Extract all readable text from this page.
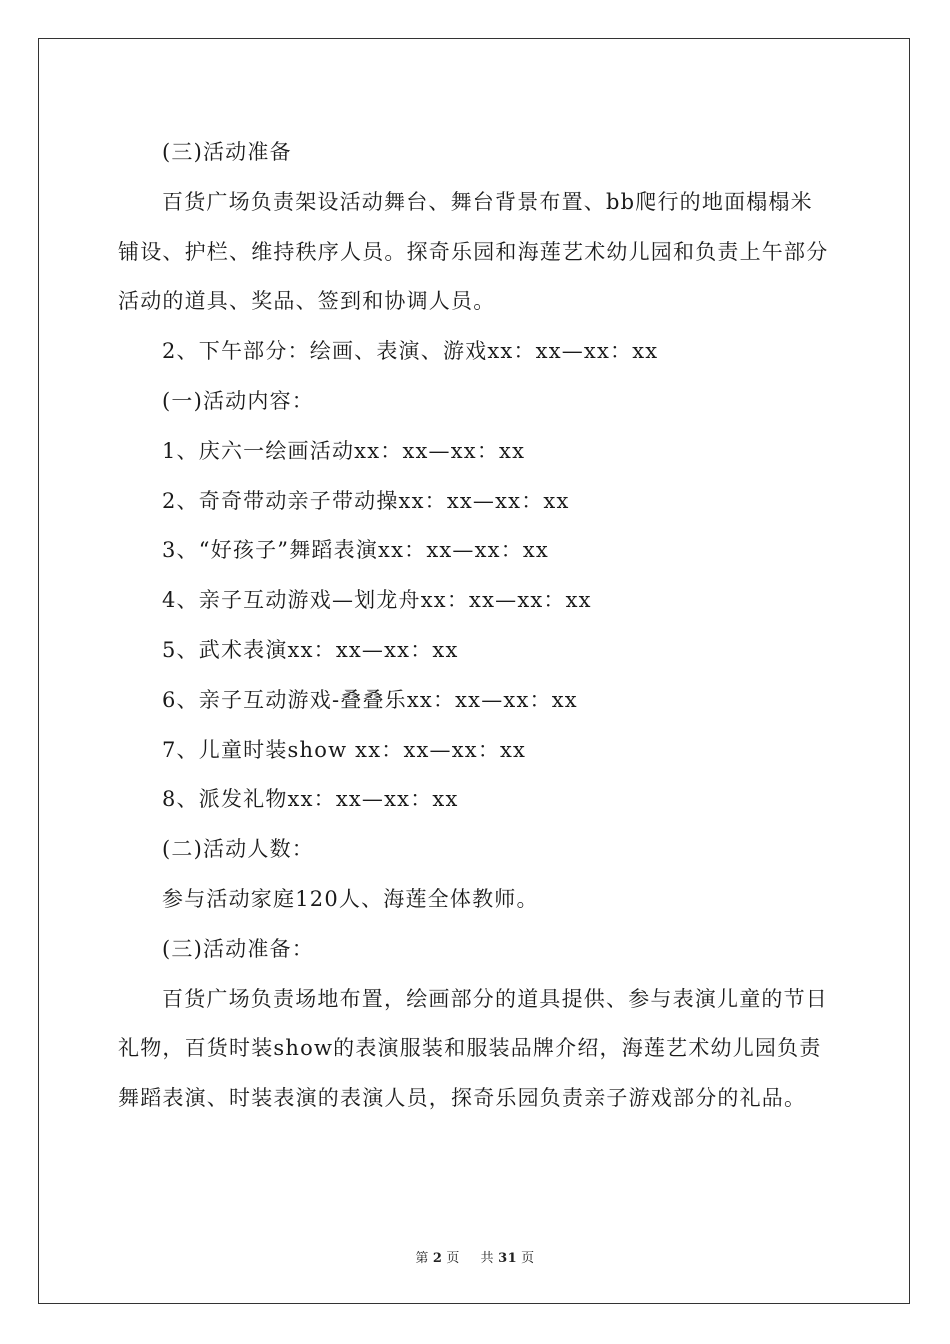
(三)活动准备

百货广场负责架设活动舞台、舞台背景布置、bb爬行的地面榻榻米铺设、护栏、维持秩序人员。探奇乐园和海莲艺术幼儿园和负责上午部分活动的道具、奖品、签到和协调人员。

2、下午部分：绘画、表演、游戏xx：xx—xx：xx

(一)活动内容：

1、庆六一绘画活动xx：xx—xx：xx

2、奇奇带动亲子带动操xx：xx—xx：xx

3、“好孩子”舞蹈表演xx：xx—xx：xx

4、亲子互动游戏—划龙舟xx：xx—xx：xx

5、武术表演xx：xx—xx：xx

6、亲子互动游戏-叠叠乐xx：xx—xx：xx

7、儿童时装show xx：xx—xx：xx

8、派发礼物xx：xx—xx：xx

(二)活动人数：

参与活动家庭120人、海莲全体教师。

(三)活动准备：

百货广场负责场地布置，绘画部分的道具提供、参与表演儿童的节日礼物，百货时装show的表演服装和服装品牌介绍，海莲艺术幼儿园负责舞蹈表演、时装表演的表演人员，探奇乐园负责亲子游戏部分的礼品。

第 2 页 共 31 页
